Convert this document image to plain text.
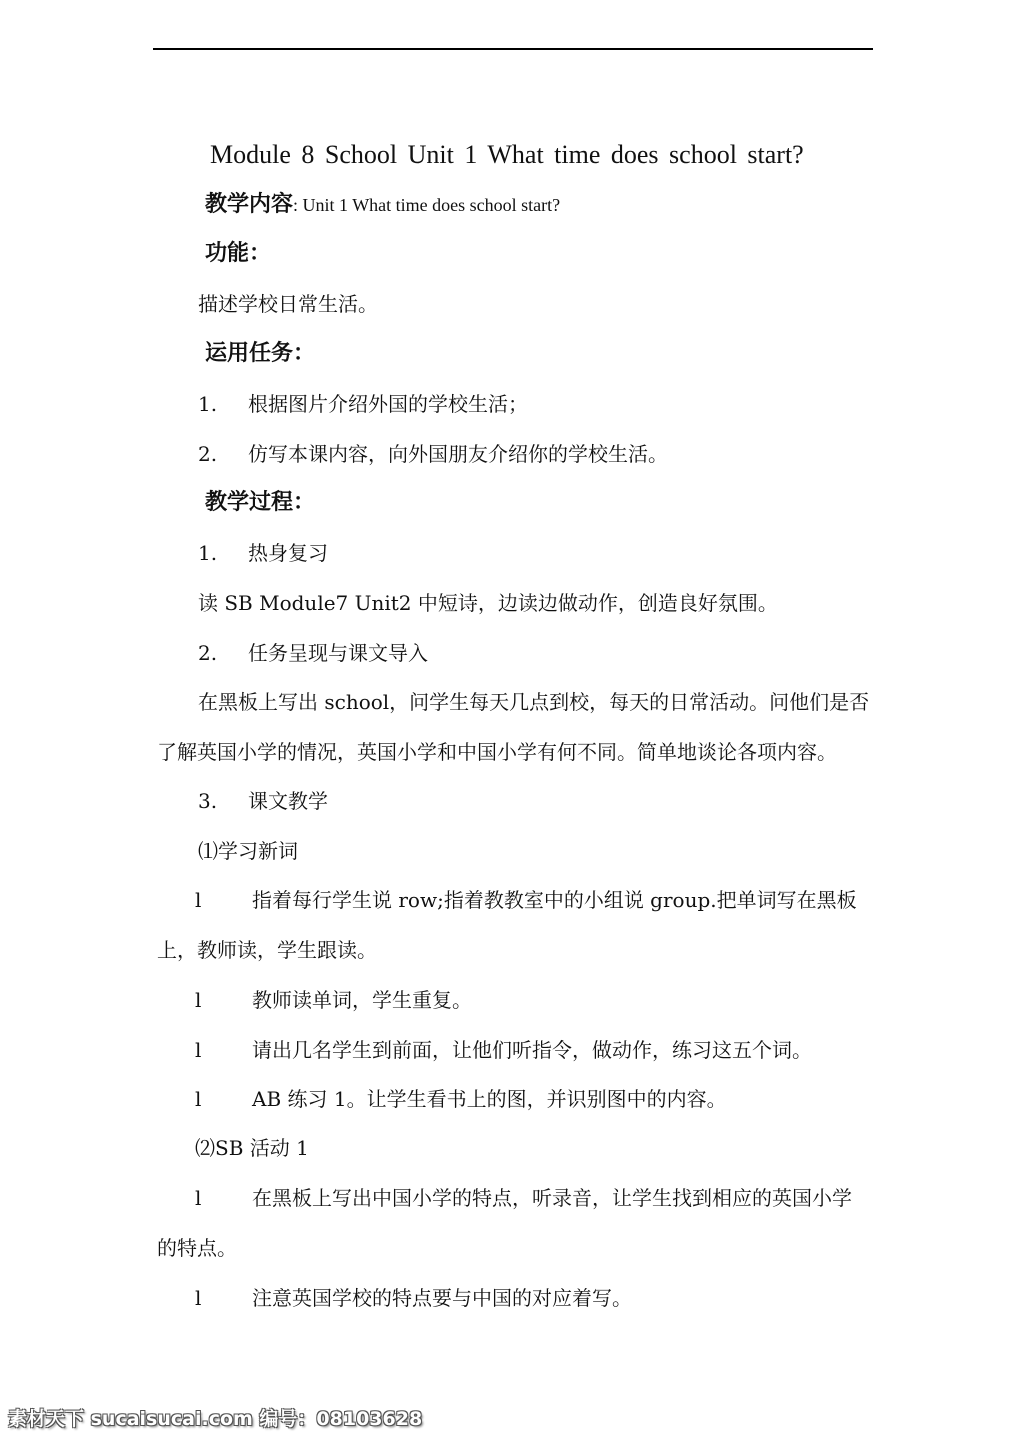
Module 8 School Unit 1 What time does school start?
教学内容: Unit 1 What time does school start?
功能：
描述学校日常生活。
运用任务：
1. 根据图片介绍外国的学校生活；
2. 仿写本课内容，向外国朋友介绍你的学校生活。
教学过程：
1. 热身复习
读 SB Module7 Unit2 中短诗，边读边做动作，创造良好氛围。
2. 任务呈现与课文导入
在黑板上写出 school，问学生每天几点到校，每天的日常活动。问他们是否
了解英国小学的情况，英国小学和中国小学有何不同。简单地谈论各项内容。
3. 课文教学
⑴学习新词
l	指着每行学生说 row;指着教教室中的小组说 group.把单词写在黑板
上，教师读，学生跟读。
l	教师读单词，学生重复。
l	请出几名学生到前面，让他们听指令，做动作，练习这五个词。
l	AB 练习 1。让学生看书上的图，并识别图中的内容。
⑵SB 活动 1
l	在黑板上写出中国小学的特点，听录音，让学生找到相应的英国小学
的特点。
l	注意英国学校的特点要与中国的对应着写。
素材天下 sucaisucai.com 编号：08103628
